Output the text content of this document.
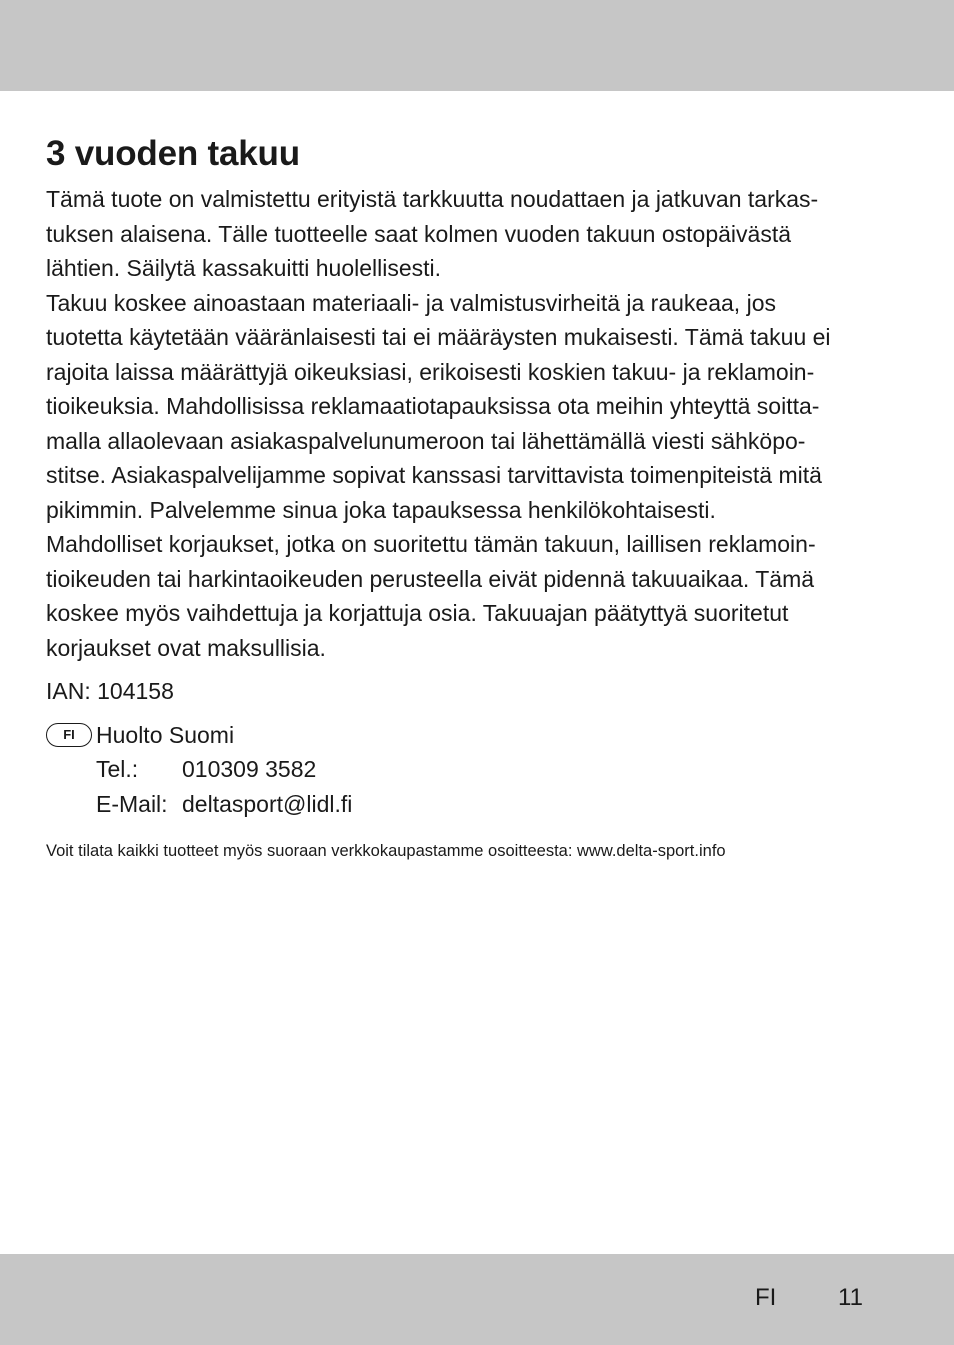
3 vuoden takuu

Tämä tuote on valmistettu erityistä tarkkuutta noudattaen ja jatkuvan tarkas-
tuksen alaisena. Tälle tuotteelle saat kolmen vuoden takuun ostopäivästä
lähtien. Säilytä kassakuitti huolellisesti.

Takuu koskee ainoastaan materiaali- ja valmistusvirheitä ja raukeaa, jos
tuotetta käytetään vääränlaisesti tai ei määräysten mukaisesti. Tämä takuu ei
rajoita laissa määrättyjä oikeuksiasi, erikoisesti koskien takuu- ja reklamoin-
tioikeuksia. Mahdollisissa reklamaatiotapauksissa ota meihin yhteyttä soitta-
malla allaolevaan asiakaspalvelunumeroon tai lähettämällä viesti sähköpo-
stitse. Asiakaspalvelijamme sopivat kanssasi tarvittavista toimenpiteistä mitä
pikimmin. Palvelemme sinua joka tapauksessa henkilökohtaisesti.

Mahdolliset korjaukset, jotka on suoritettu tämän takuun, laillisen reklamoin-
tioikeuden tai harkintaoikeuden perusteella eivät pidennä takuuaikaa. Tämä
koskee myös vaihdettuja ja korjattuja osia. Takuuajan päätyttyä suoritetut
korjaukset ovat maksullisia.

IAN: 104158

FI Huolto Suomi
Tel.:	010309 3582
E-Mail: deltasport@lidl.fi

Voit tilata kaikki tuotteet myös suoraan verkkokaupastamme osoitteesta: www.delta-sport.info

FI	11
